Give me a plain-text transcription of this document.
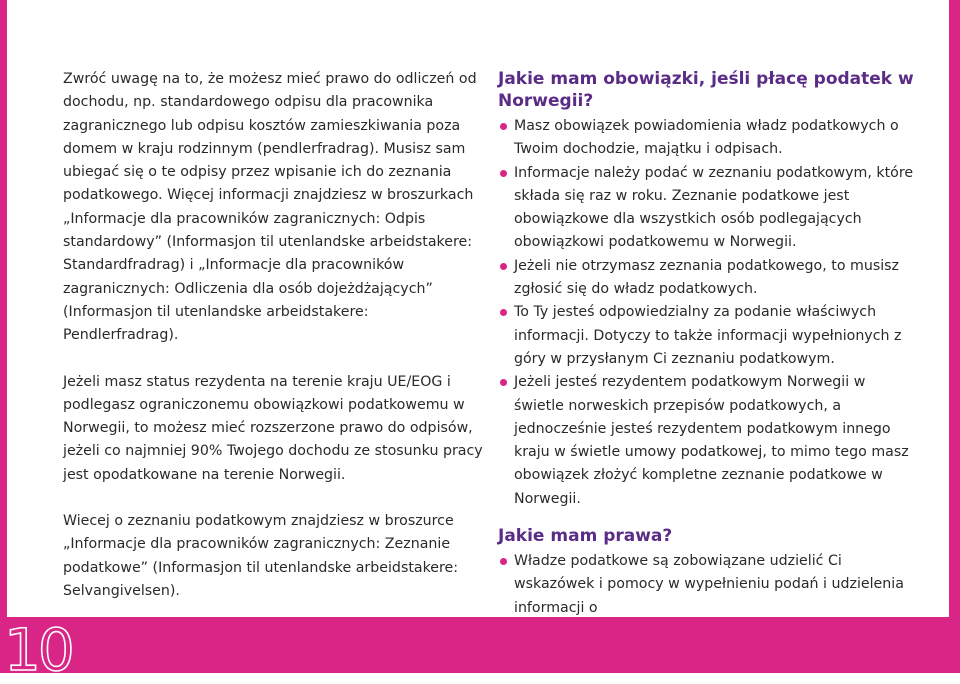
10

Zwróć uwagę na to, że możesz mieć prawo do odliczeń od dochodu, np. standardowego odpisu dla pracownika zagranicznego lub odpisu kosztów zamieszkiwania poza domem w kraju rodzinnym (pendlerfradrag). Musisz sam ubiegać się o te odpisy przez wpisanie ich do zeznania podatkowego. Więcej informacji znajdziesz w broszurkach „Informacje dla pracowników zagranicznych: Odpis standardowy” (Informasjon til utenlandske arbeidstakere: Standardfradrag) i „Informacje dla pracowników zagranicznych: Odliczenia dla osób dojeżdżających” (Informasjon til utenlandske arbeidstakere: Pendlerfradrag).

Jeżeli masz status rezydenta na terenie kraju UE/EOG i podlegasz ograniczonemu obowiązkowi podatkowemu w Norwegii, to możesz mieć rozszerzone prawo do odpisów, jeżeli co najmniej 90% Twojego dochodu ze stosunku pracy jest opodatkowane na terenie Norwegii.

Wiecej o zeznaniu podatkowym znajdziesz w broszurce „Informacje dla pracowników zagranicznych: Zeznanie podatkowe” (Informasjon til utenlandske arbeidstakere: Selvangivelsen).

Jakie mam obowiązki, jeśli płacę podatek w Norwegii?
Masz obowiązek powiadomienia władz podatkowych o Twoim dochodzie, majątku i odpisach.
Informacje należy podać w zeznaniu podatkowym, które składa się raz w roku. Zeznanie podatkowe jest obowiązkowe dla wszystkich osób podlegających obowiązkowi podatkowemu w Norwegii.
Jeżeli nie otrzymasz zeznania podatkowego, to musisz zgłosić się do władz podatkowych.
To Ty jesteś odpowiedzialny za podanie właściwych informacji. Dotyczy to także informacji wypełnionych z góry w przysłanym Ci zeznaniu podatkowym.
Jeżeli jesteś rezydentem podatkowym Norwegii w świetle norweskich przepisów podatkowych, a jednocześnie jesteś rezydentem podatkowym innego kraju w świetle umowy podatkowej, to mimo tego masz obowiązek złożyć kompletne zeznanie podatkowe w Norwegii.
Jakie mam prawa?
Władze podatkowe są zobowiązane udzielić Ci wskazówek i pomocy w wypełnieniu podań i udzielenia informacji o
